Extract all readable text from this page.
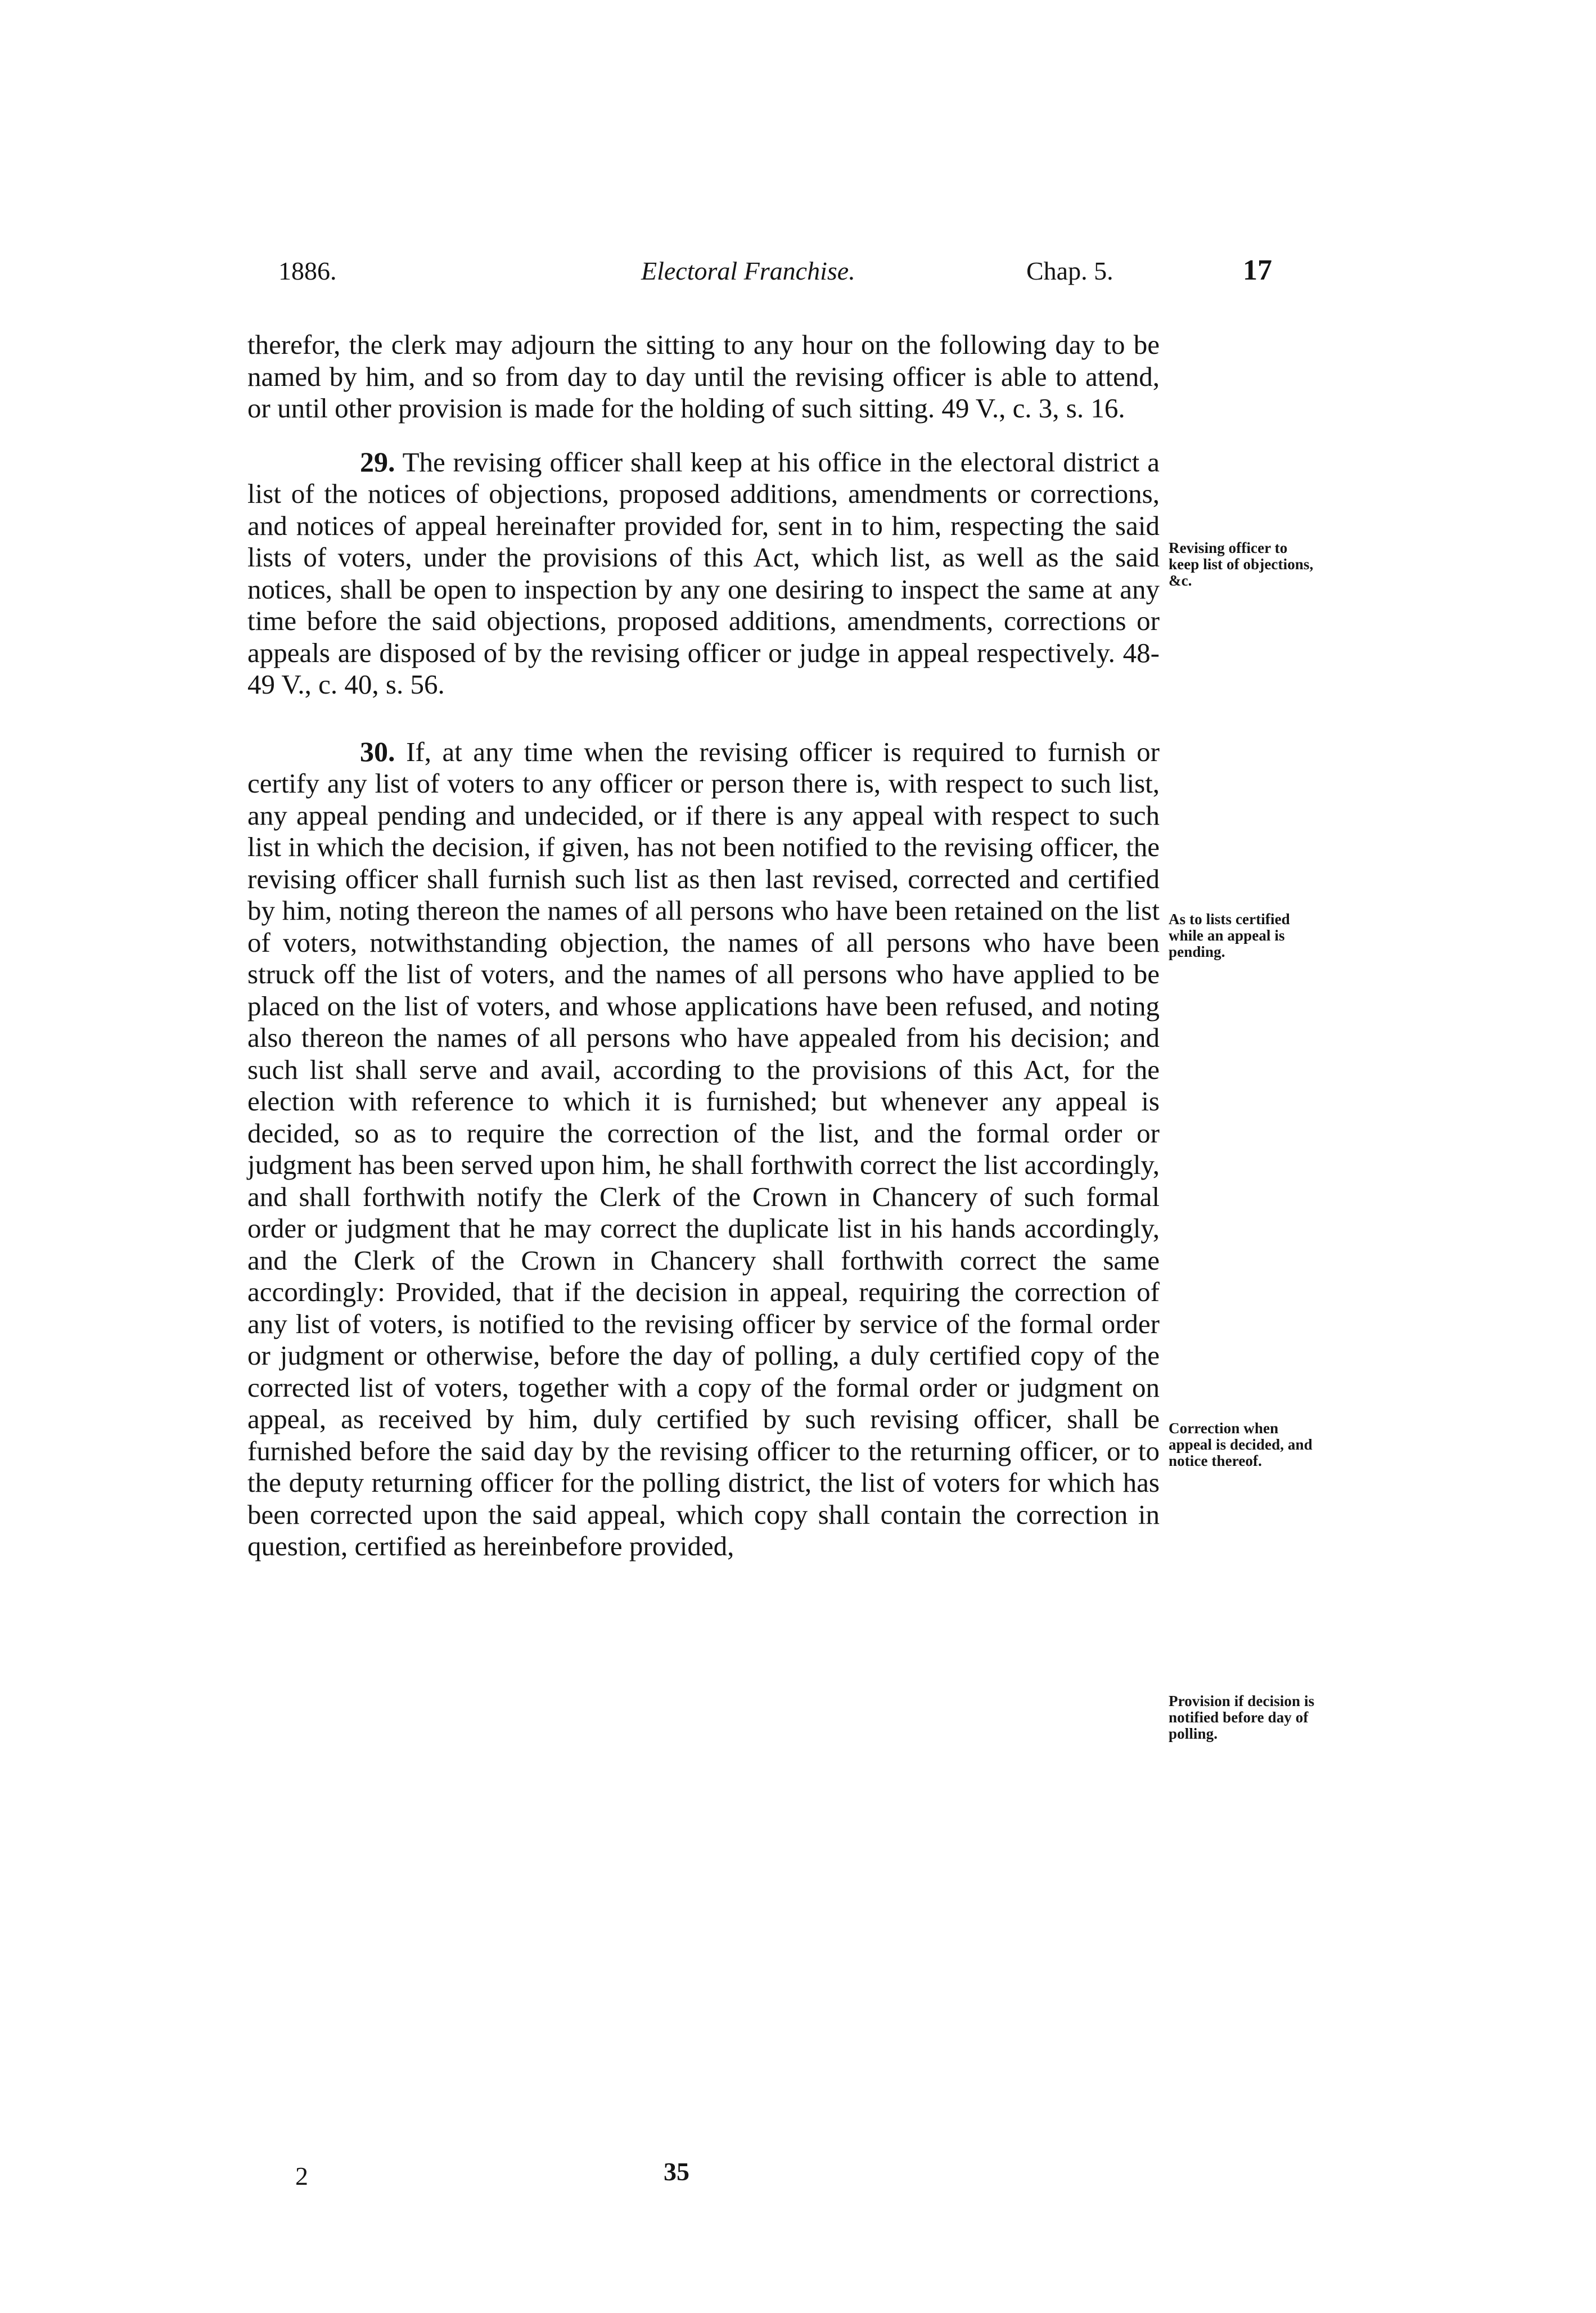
1886.	Electoral Franchise.	Chap. 5.	17

therefor, the clerk may adjourn the sitting to any hour on the following day to be named by him, and so from day to day until the revising officer is able to attend, or until other provision is made for the holding of such sitting. 49 V., c. 3, s. 16.

29. The revising officer shall keep at his office in the electoral district a list of the notices of objections, proposed additions, amendments or corrections, and notices of appeal hereinafter provided for, sent in to him, respecting the said lists of voters, under the provisions of this Act, which list, as well as the said notices, shall be open to inspection by any one desiring to inspect the same at any time before the said objections, proposed additions, amendments, corrections or appeals are disposed of by the revising officer or judge in appeal respectively. 48-49 V., c. 40, s. 56.

30. If, at any time when the revising officer is required to furnish or certify any list of voters to any officer or person there is, with respect to such list, any appeal pending and undecided, or if there is any appeal with respect to such list in which the decision, if given, has not been notified to the revising officer, the revising officer shall furnish such list as then last revised, corrected and certified by him, noting thereon the names of all persons who have been retained on the list of voters, notwithstanding objection, the names of all persons who have been struck off the list of voters, and the names of all persons who have applied to be placed on the list of voters, and whose applications have been refused, and noting also thereon the names of all persons who have appealed from his decision; and such list shall serve and avail, according to the provisions of this Act, for the election with reference to which it is furnished; but whenever any appeal is decided, so as to require the correction of the list, and the formal order or judgment has been served upon him, he shall forthwith correct the list accordingly, and shall forthwith notify the Clerk of the Crown in Chancery of such formal order or judgment that he may correct the duplicate list in his hands accordingly, and the Clerk of the Crown in Chancery shall forthwith correct the same accordingly: Provided, that if the decision in appeal, requiring the correction of any list of voters, is notified to the revising officer by service of the formal order or judgment or otherwise, before the day of polling, a duly certified copy of the corrected list of voters, together with a copy of the formal order or judgment on appeal, as received by him, duly certified by such revising officer, shall be furnished before the said day by the revising officer to the returning officer, or to the deputy returning officer for the polling district, the list of voters for which has been corrected upon the said appeal, which copy shall contain the correction in question, certified as hereinbefore provided,

Revising officer to keep list of objections, &c.
As to lists certified while an appeal is pending.
Correction when appeal is decided, and notice thereof.
Provision if decision is notified before day of polling.
2	35
